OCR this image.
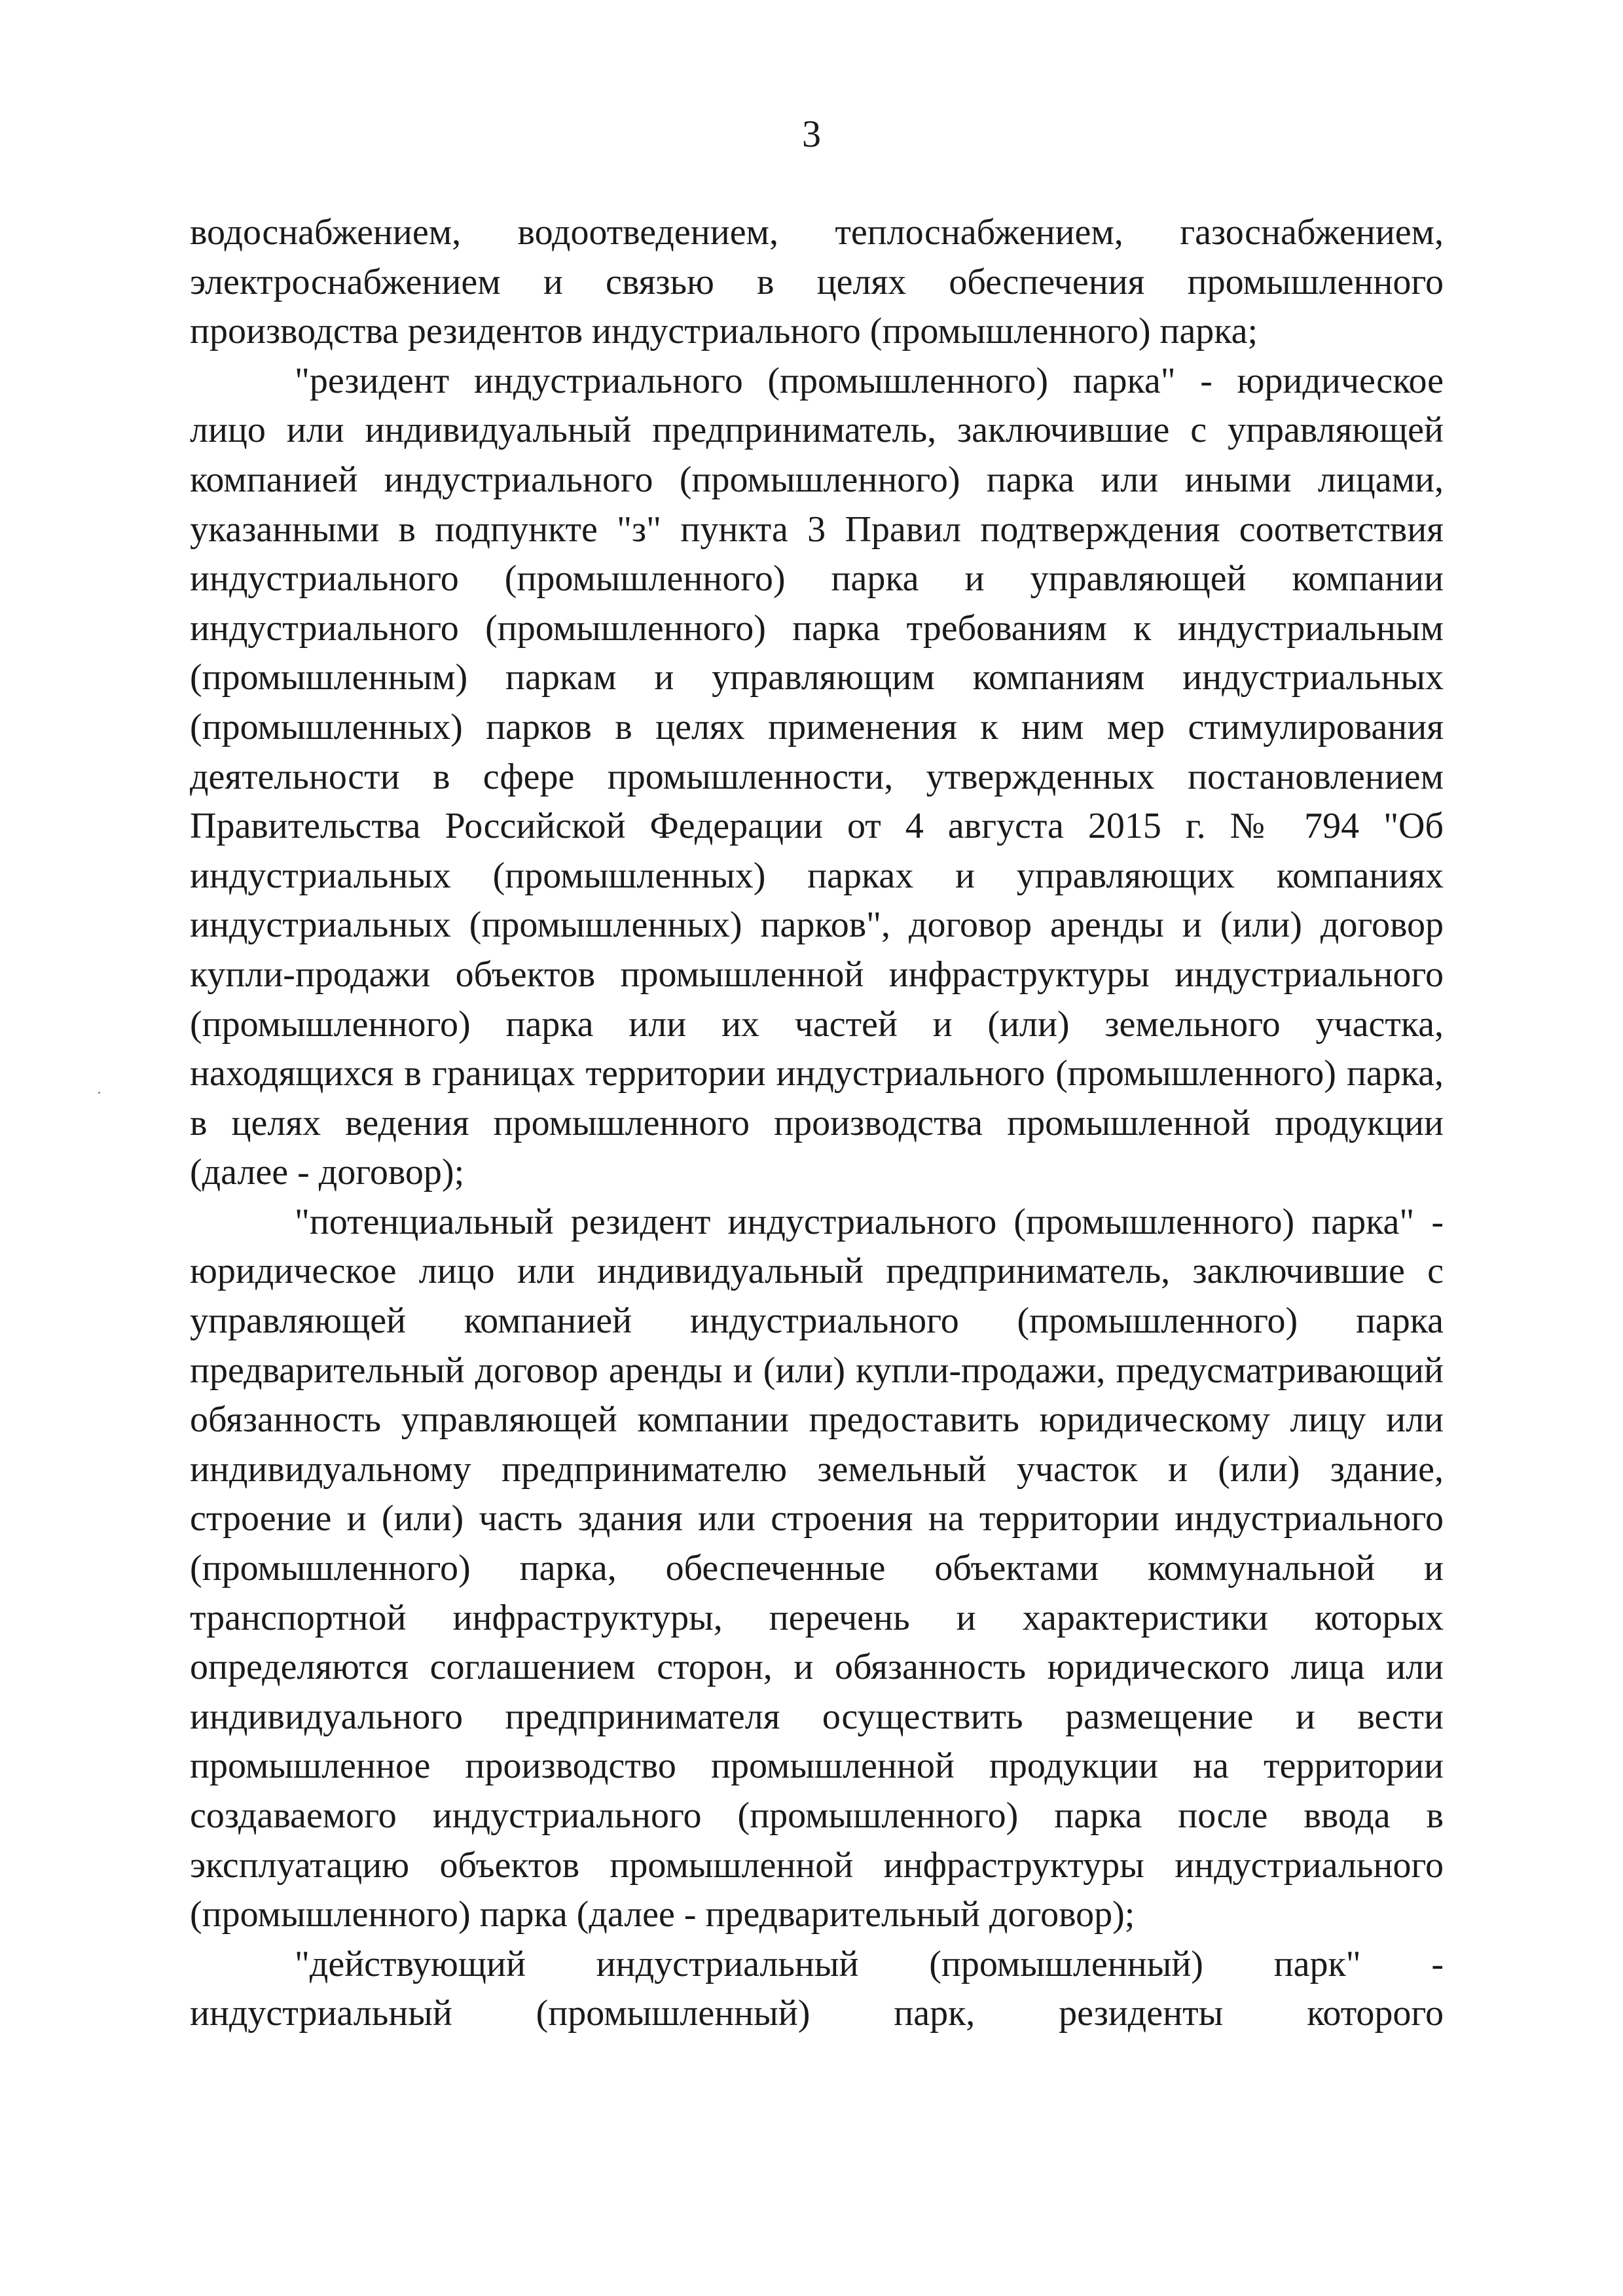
3

водоснабжением, водоотведением, теплоснабжением, газоснабжением, электроснабжением и связью в целях обеспечения промышленного производства резидентов индустриального (промышленного) парка;

"резидент индустриального (промышленного) парка" - юридическое лицо или индивидуальный предприниматель, заключившие с управляющей компанией индустриального (промышленного) парка или иными лицами, указанными в подпункте "з" пункта 3 Правил подтверждения соответствия индустриального (промышленного) парка и управляющей компании индустриального (промышленного) парка требованиям к индустриальным (промышленным) паркам и управляющим компаниям индустриальных (промышленных) парков в целях применения к ним мер стимулирования деятельности в сфере промышленности, утвержденных постановлением Правительства Российской Федерации от 4 августа 2015 г. № 794 "Об индустриальных (промышленных) парках и управляющих компаниях индустриальных (промышленных) парков", договор аренды и (или) договор купли-продажи объектов промышленной инфраструктуры индустриального (промышленного) парка или их частей и (или) земельного участка, находящихся в границах территории индустриального (промышленного) парка, в целях ведения промышленного производства промышленной продукции (далее - договор);

"потенциальный резидент индустриального (промышленного) парка" - юридическое лицо или индивидуальный предприниматель, заключившие с управляющей компанией индустриального (промышленного) парка предварительный договор аренды и (или) купли-продажи, предусматривающий обязанность управляющей компании предоставить юридическому лицу или индивидуальному предпринимателю земельный участок и (или) здание, строение и (или) часть здания или строения на территории индустриального (промышленного) парка, обеспеченные объектами коммунальной и транспортной инфраструктуры, перечень и характеристики которых определяются соглашением сторон, и обязанность юридического лица или индивидуального предпринимателя осуществить размещение и вести промышленное производство промышленной продукции на территории создаваемого индустриального (промышленного) парка после ввода в эксплуатацию объектов промышленной инфраструктуры индустриального (промышленного) парка (далее - предварительный договор);

"действующий индустриальный (промышленный) парк" - индустриальный (промышленный) парк, резиденты которого
